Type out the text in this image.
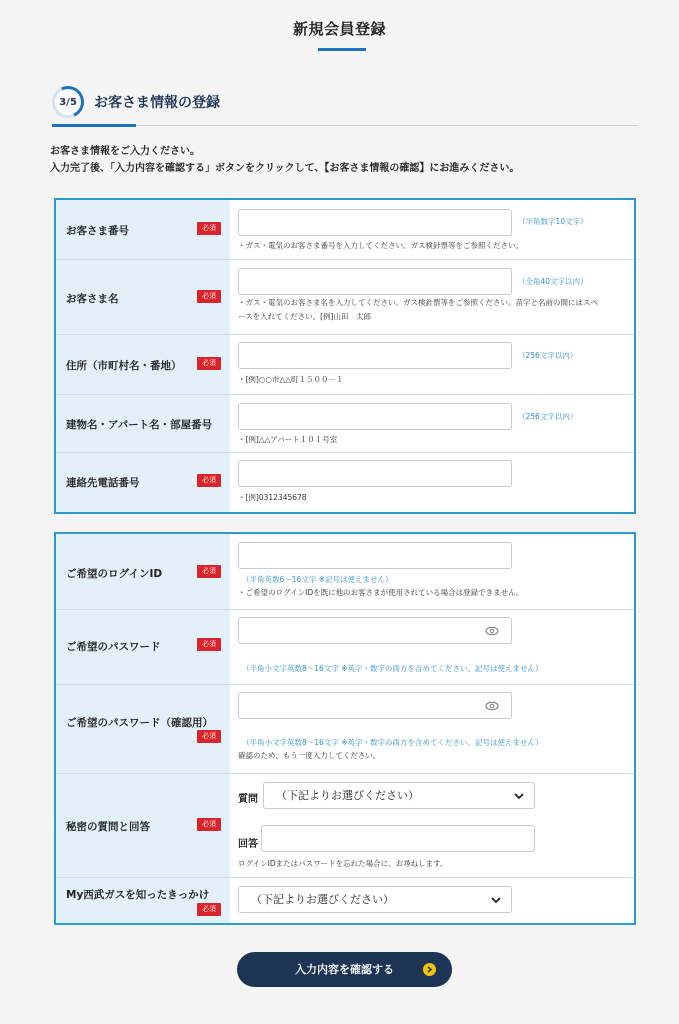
新規会員登録
3/5	お客さま情報の登録
お客さま情報をご入力ください。
入力完了後、「入力内容を確認する」ボタンをクリックして、【お客さま情報の確認】にお進みください。
お客さま番号	必須
（半角数字10文字）
・ガス・電気のお客さま番号を入力してください。ガス検針票等をご参照ください。
お客さま名	必須
（全角40文字以内）
・ガス・電気のお客さま名を入力してください。ガス検針票等をご参照ください。苗字と名前の間にはスペ
ースを入れてください。[例]山田　太郎
住所（市町村名・番地）	必須
（256文字以内）
・[例]○○市△△町１５００－１
建物名・アパート名・部屋番号
（256文字以内）
・[例]△△アパート１０１号室
連絡先電話番号	必須
・[例]0312345678
ご希望のログインID	必須
（半角英数6～16文字 ※記号は使えません）
・ご希望のログインIDを既に他のお客さまが使用されている場合は登録できません。
ご希望のパスワード	必須
（半角小文字英数8～16文字 ※英字・数字の両方を含めてください。記号は使えません）
ご希望のパスワード（確認用）
必須
（半角小文字英数8～16文字 ※英字・数字の両方を含めてください。記号は使えません）
確認のため、もう一度入力してください。
秘密の質問と回答	必須
質問	（下記よりお選びください）
回答
ログインIDまたはパスワードを忘れた場合に、お尋ねします。
My西武ガスを知ったきっかけ
必須
（下記よりお選びください）
入力内容を確認する
